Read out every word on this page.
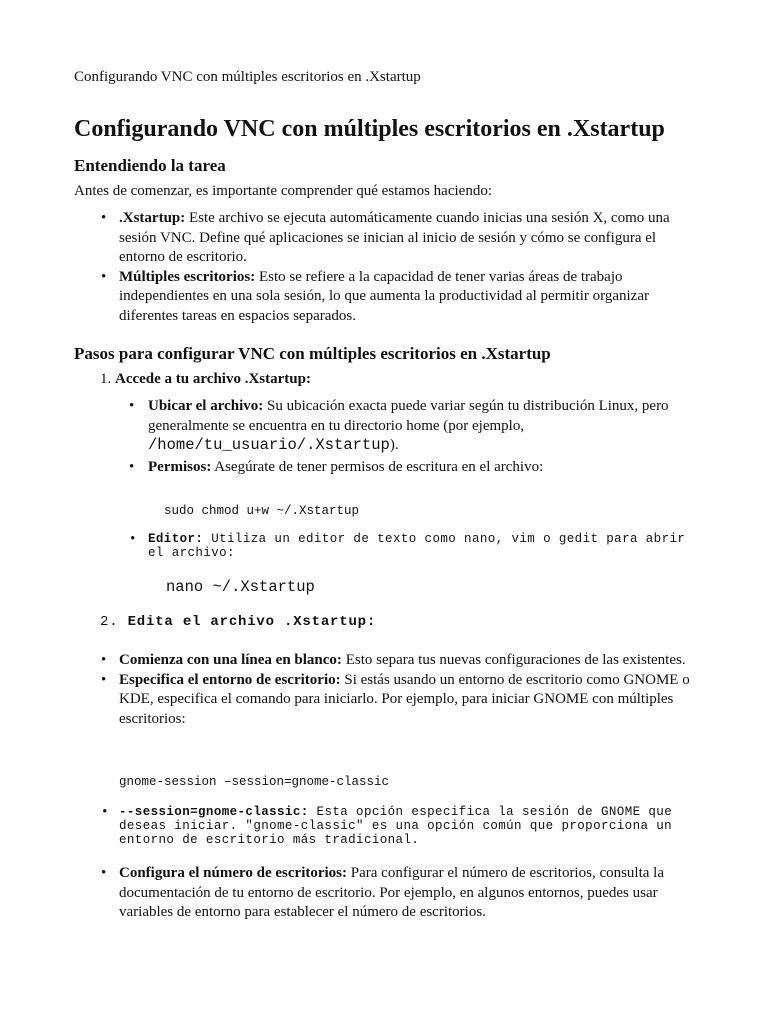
Configurando VNC con múltiples escritorios en .Xstartup
Configurando VNC con múltiples escritorios en .Xstartup
Entendiendo la tarea

Antes de comenzar, es importante comprender qué estamos haciendo:

• .Xstartup: Este archivo se ejecuta automáticamente cuando inicias una sesión X, como una sesión VNC. Define qué aplicaciones se inician al inicio de sesión y cómo se configura el entorno de escritorio.
• Múltiples escritorios: Esto se refiere a la capacidad de tener varias áreas de trabajo independientes en una sola sesión, lo que aumenta la productividad al permitir organizar diferentes tareas en espacios separados.
Pasos para configurar VNC con múltiples escritorios en .Xstartup
1. Accede a tu archivo .Xstartup:
• Ubicar el archivo: Su ubicación exacta puede variar según tu distribución Linux, pero generalmente se encuentra en tu directorio home (por ejemplo, /home/tu_usuario/.Xstartup).
• Permisos: Asegúrate de tener permisos de escritura en el archivo:
sudo chmod u+w ~/.Xstartup
• Editor: Utiliza un editor de texto como nano, vim o gedit para abrir el archivo:
nano ~/.Xstartup
2. Edita el archivo .Xstartup:
• Comienza con una línea en blanco: Esto separa tus nuevas configuraciones de las existentes.
• Especifica el entorno de escritorio: Si estás usando un entorno de escritorio como GNOME o KDE, especifica el comando para iniciarlo. Por ejemplo, para iniciar GNOME con múltiples escritorios:
gnome-session –session=gnome-classic
• --session=gnome-classic: Esta opción especifica la sesión de GNOME que deseas iniciar. "gnome-classic" es una opción común que proporciona un entorno de escritorio más tradicional.
• Configura el número de escritorios: Para configurar el número de escritorios, consulta la documentación de tu entorno de escritorio. Por ejemplo, en algunos entornos, puedes usar variables de entorno para establecer el número de escritorios.
